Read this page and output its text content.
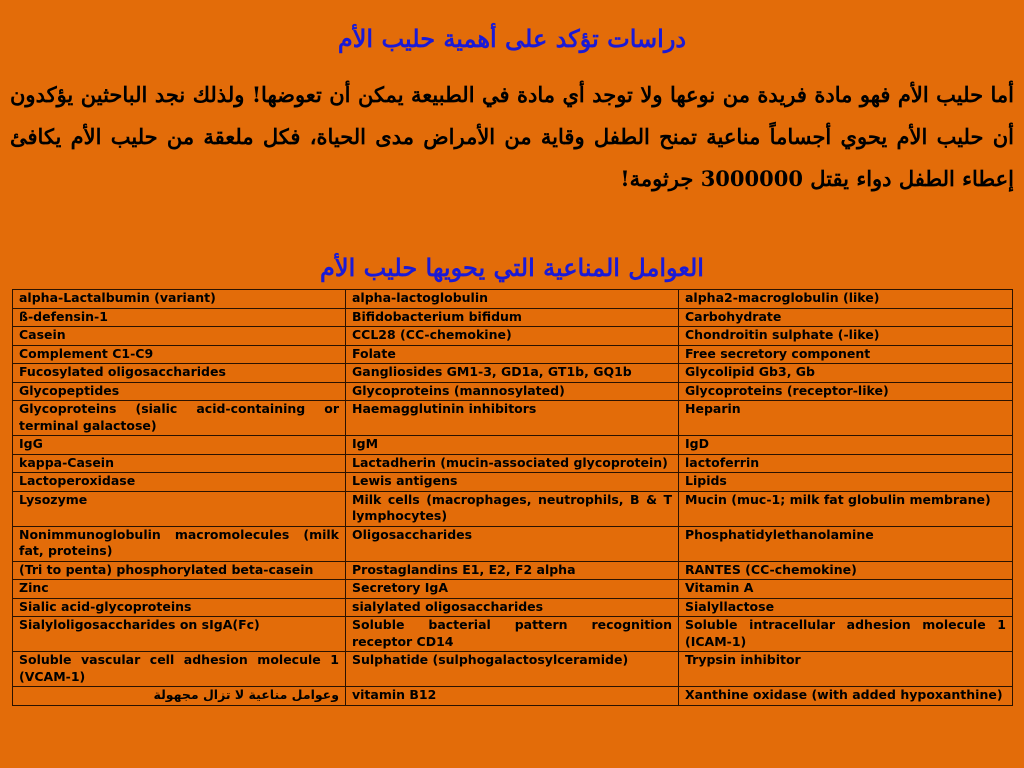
دراسات تؤكد على أهمية حليب الأم
أما حليب الأم فهو مادة فريدة من نوعها ولا توجد أي مادة في الطبيعة يمكن أن تعوضها! ولذلك نجد الباحثين يؤكدون أن حليب الأم يحوي أجساماً مناعية تمنح الطفل وقاية من الأمراض مدى الحياة، فكل ملعقة من حليب الأم يكافئ إعطاء الطفل دواء يقتل 3000000 جرثومة!
العوامل المناعية التي يحويها حليب الأم
alpha-Lactalbumin (variant)	alpha-lactoglobulin	alpha2-macroglobulin (like)
ß-defensin-1	Bifidobacterium bifidum	Carbohydrate
Casein	CCL28 (CC-chemokine)	Chondroitin sulphate (-like)
Complement C1-C9	Folate	Free secretory component
Fucosylated oligosaccharides	Gangliosides GM1-3, GD1a, GT1b, GQ1b	Glycolipid Gb3, Gb
Glycopeptides	Glycoproteins (mannosylated)	Glycoproteins (receptor-like)
Glycoproteins (sialic acid-containing or terminal galactose)	Haemagglutinin inhibitors	Heparin
IgG	IgM	IgD
kappa-Casein	Lactadherin (mucin-associated glycoprotein)	lactoferrin
Lactoperoxidase	Lewis antigens	Lipids
Lysozyme	Milk cells (macrophages, neutrophils, B & T lymphocytes)	Mucin (muc-1; milk fat globulin membrane)
Nonimmunoglobulin macromolecules (milk fat, proteins)	Oligosaccharides	Phosphatidylethanolamine
(Tri to penta) phosphorylated beta-casein	Prostaglandins E1, E2, F2 alpha	RANTES (CC-chemokine)
Zinc	Secretory IgA	Vitamin A
Sialic acid-glycoproteins	sialylated oligosaccharides	Sialyllactose
Sialyloligosaccharides on sIgA(Fc)	Soluble bacterial pattern recognition receptor CD14	Soluble intracellular adhesion molecule 1 (ICAM-1)
Soluble vascular cell adhesion molecule 1 (VCAM-1)	Sulphatide (sulphogalactosylceramide)	Trypsin inhibitor
وعوامل مناعية لا تزال مجهولة	vitamin B12	Xanthine oxidase (with added hypoxanthine)
